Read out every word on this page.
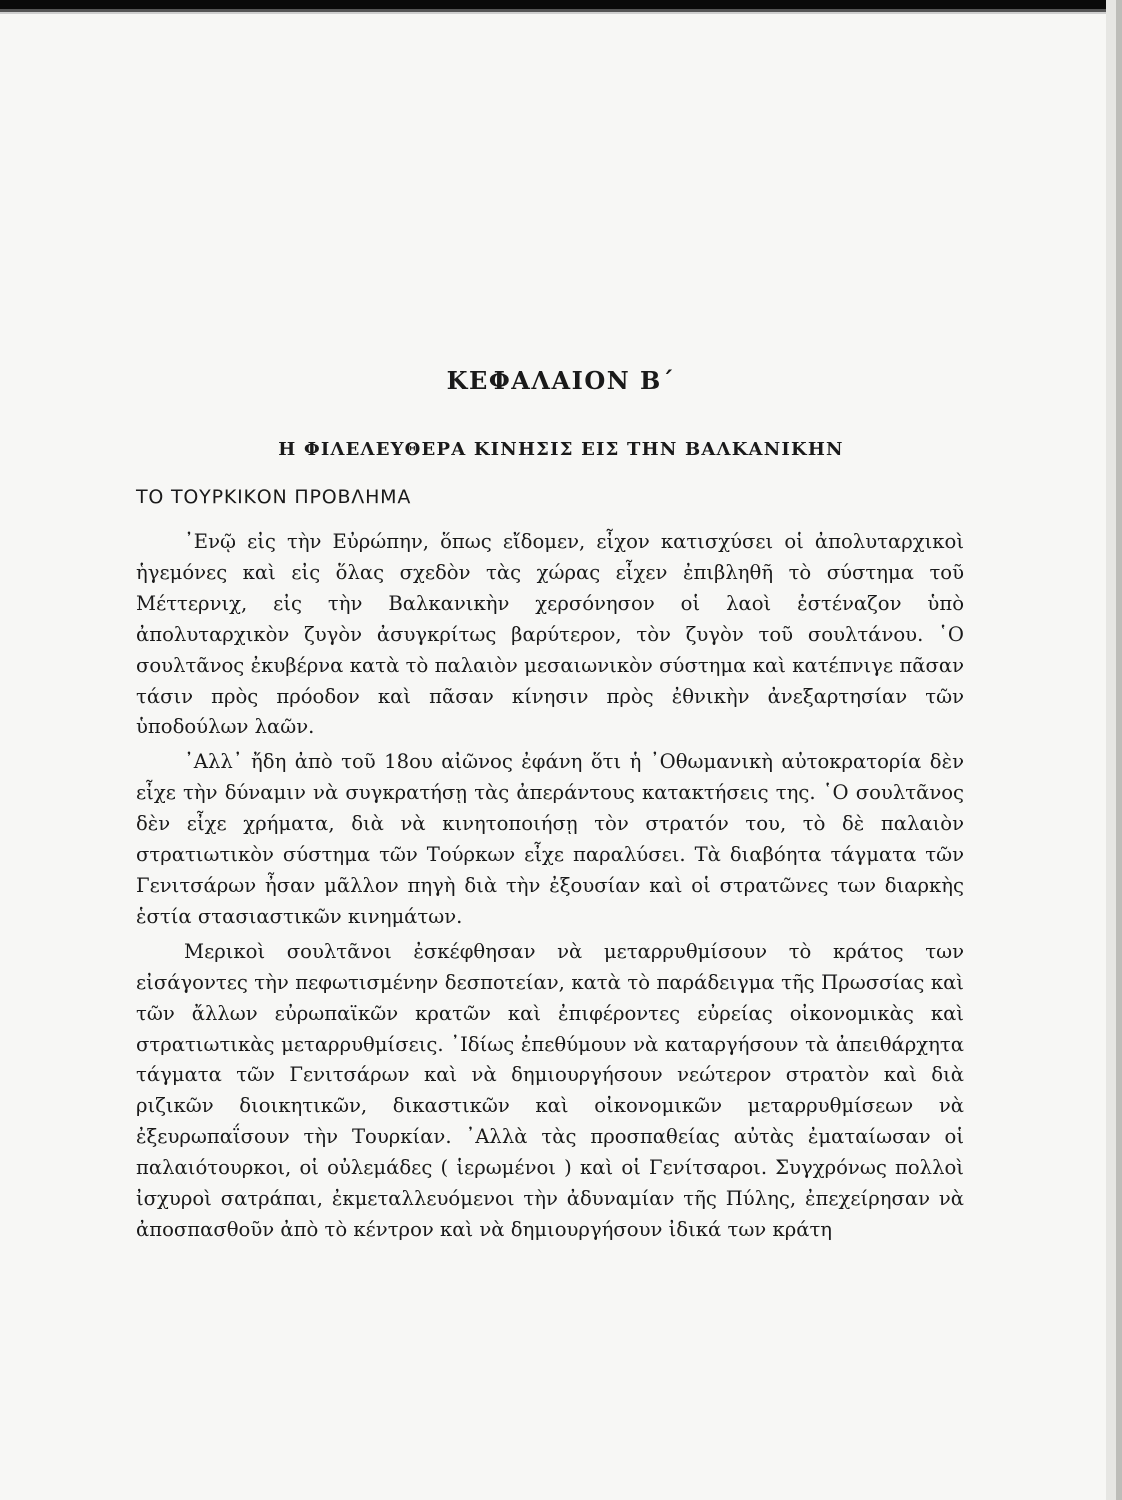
ΚΕΦΑΛΑΙΟΝ Β΄
Η ΦΙΛΕΛΕΥΘΕΡΑ ΚΙΝΗΣΙΣ ΕΙΣ ΤΗΝ ΒΑΛΚΑΝΙΚΗΝ
ΤΟ ΤΟΥΡΚΙΚΟΝ ΠΡΟΒΛΗΜΑ

᾿Ενῷ εἰς τὴν Εὐρώπην, ὅπως εἴδομεν, εἶχον κατισχύσει οἱ ἀπολυταρχικοὶ ἡγεμόνες καὶ εἰς ὅλας σχεδὸν τὰς χώρας εἶχεν ἐπιβληθῆ τὸ σύστημα τοῦ Μέττερνιχ, εἰς τὴν Βαλκανικὴν χερσόνησον οἱ λαοὶ ἐστέναζον ὑπὸ ἀπολυταρχικὸν ζυγὸν ἀσυγκρίτως βαρύτερον, τὸν ζυγὸν τοῦ σουλτάνου. ῾Ο σουλτᾶνος ἐκυβέρνα κατὰ τὸ παλαιὸν μεσαιωνικὸν σύστημα καὶ κατέπνιγε πᾶσαν τάσιν πρὸς πρόοδον καὶ πᾶσαν κίνησιν πρὸς ἐθνικὴν ἀνεξαρτησίαν τῶν ὑποδούλων λαῶν.

᾿Αλλ᾿ ἤδη ἀπὸ τοῦ 18ου αἰῶνος ἐφάνη ὅτι ἡ ᾿Οθωμανικὴ αὐτοκρατορία δὲν εἶχε τὴν δύναμιν νὰ συγκρατήσῃ τὰς ἀπεράντους κατακτήσεις της. ῾Ο σουλτᾶνος δὲν εἶχε χρήματα, διὰ νὰ κινητοποιήσῃ τὸν στρατόν του, τὸ δὲ παλαιὸν στρατιωτικὸν σύστημα τῶν Τούρκων εἶχε παραλύσει. Τὰ διαβόητα τάγματα τῶν Γενιτσάρων ἦσαν μᾶλλον πηγὴ διὰ τὴν ἐξουσίαν καὶ οἱ στρατῶνες των διαρκὴς ἑστία στασιαστικῶν κινημάτων.

Μερικοὶ σουλτᾶνοι ἐσκέφθησαν νὰ μεταρρυθμίσουν τὸ κράτος των εἰσάγοντες τὴν πεφωτισμένην δεσποτείαν, κατὰ τὸ παράδειγμα τῆς Πρωσσίας καὶ τῶν ἄλλων εὐρωπαϊκῶν κρατῶν καὶ ἐπιφέροντες εὐρείας οἰκονομικὰς καὶ στρατιωτικὰς μεταρρυθμίσεις. ᾿Ιδίως ἐπεθύμουν νὰ καταργήσουν τὰ ἀπειθάρχητα τάγματα τῶν Γενιτσάρων καὶ νὰ δημιουργήσουν νεώτερον στρατὸν καὶ διὰ ριζικῶν διοικητικῶν, δικαστικῶν καὶ οἰκονομικῶν μεταρρυθμίσεων νὰ ἐξευρωπαΐσουν τὴν Τουρκίαν. ᾿Αλλὰ τὰς προσπαθείας αὐτὰς ἐματαίωσαν οἱ παλαιότουρκοι, οἱ οὐλεμάδες ( ἱερωμένοι ) καὶ οἱ Γενίτσαροι. Συγχρόνως πολλοὶ ἰσχυροὶ σατράπαι, ἐκμεταλλευόμενοι τὴν ἀδυναμίαν τῆς Πύλης, ἐπεχείρησαν νὰ ἀποσπασθοῦν ἀπὸ τὸ κέντρον καὶ νὰ δημιουργήσουν ἰδικά των κράτη
